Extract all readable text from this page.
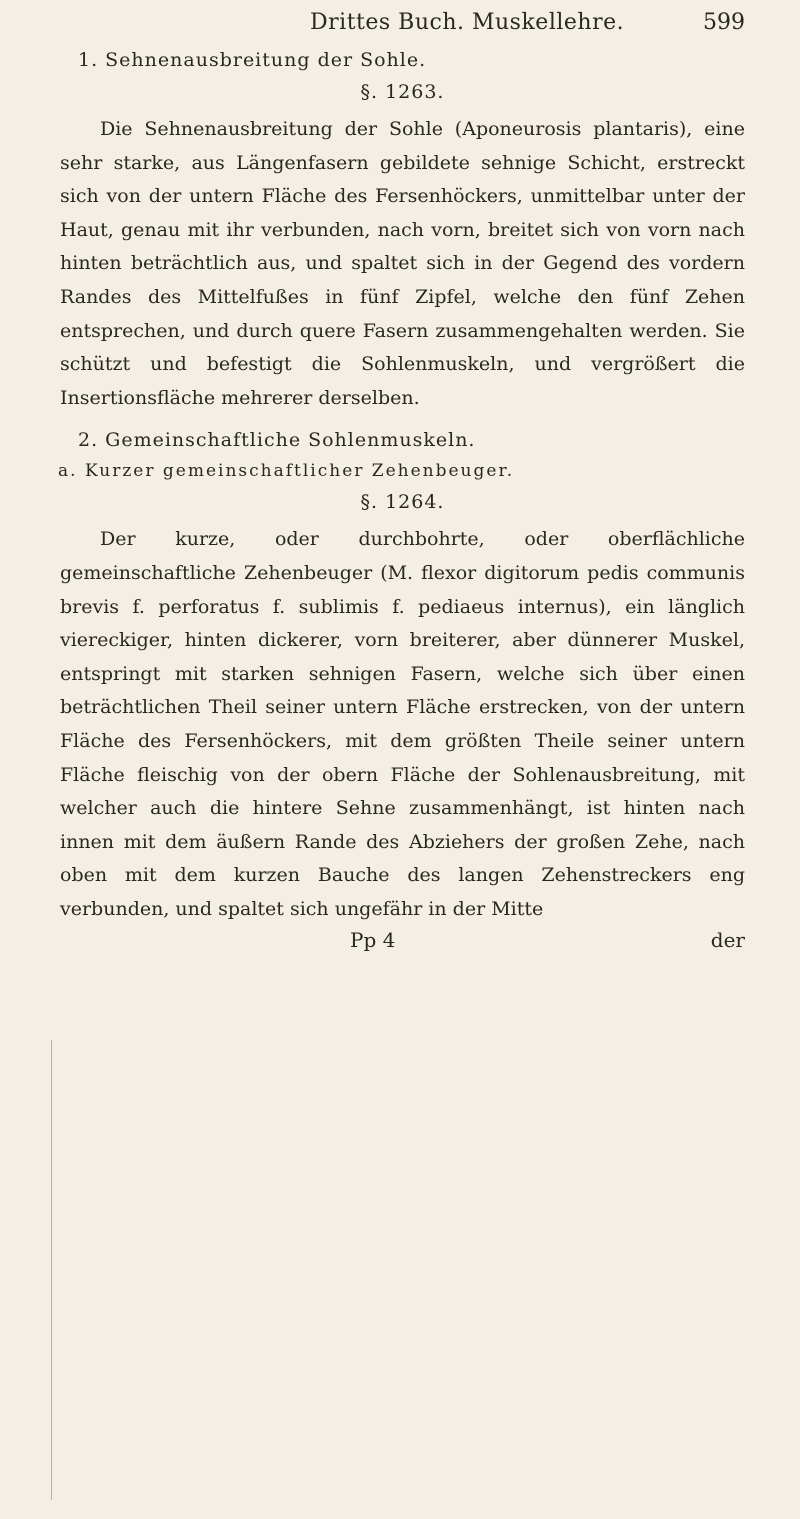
Drittes Buch. Muskellehre.	599
1. Sehnenausbreitung der Sohle.
§. 1263.

Die Sehnenausbreitung der Sohle (Aponeurosis plantaris), eine sehr starke, aus Längenfasern gebildete sehnige Schicht, erstreckt sich von der untern Fläche des Fersenhöckers, unmittelbar unter der Haut, genau mit ihr verbunden, nach vorn, breitet sich von vorn nach hinten beträchtlich aus, und spaltet sich in der Gegend des vordern Randes des Mittelfußes in fünf Zipfel, welche den fünf Zehen entsprechen, und durch quere Fasern zusammengehalten werden. Sie schützt und befestigt die Sohlenmuskeln, und vergrößert die Insertionsfläche mehrerer derselben.

2. Gemeinschaftliche Sohlenmuskeln.
a. Kurzer gemeinschaftlicher Zehenbeuger.
§. 1264.

Der kurze, oder durchbohrte, oder oberflächliche gemeinschaftliche Zehenbeuger (M. flexor digitorum pedis communis brevis f. perforatus f. sublimis f. pediaeus internus), ein länglich viereckiger, hinten dickerer, vorn breiterer, aber dünnerer Muskel, entspringt mit starken sehnigen Fasern, welche sich über einen beträchtlichen Theil seiner untern Fläche erstrecken, von der untern Fläche des Fersenhöckers, mit dem größten Theile seiner untern Fläche fleischig von der obern Fläche der Sohlenausbreitung, mit welcher auch die hintere Sehne zusammenhängt, ist hinten nach innen mit dem äußern Rande des Abziehers der großen Zehe, nach oben mit dem kurzen Bauche des langen Zehenstreckers eng verbunden, und spaltet sich ungefähr in der Mitte

Pp 4	der
